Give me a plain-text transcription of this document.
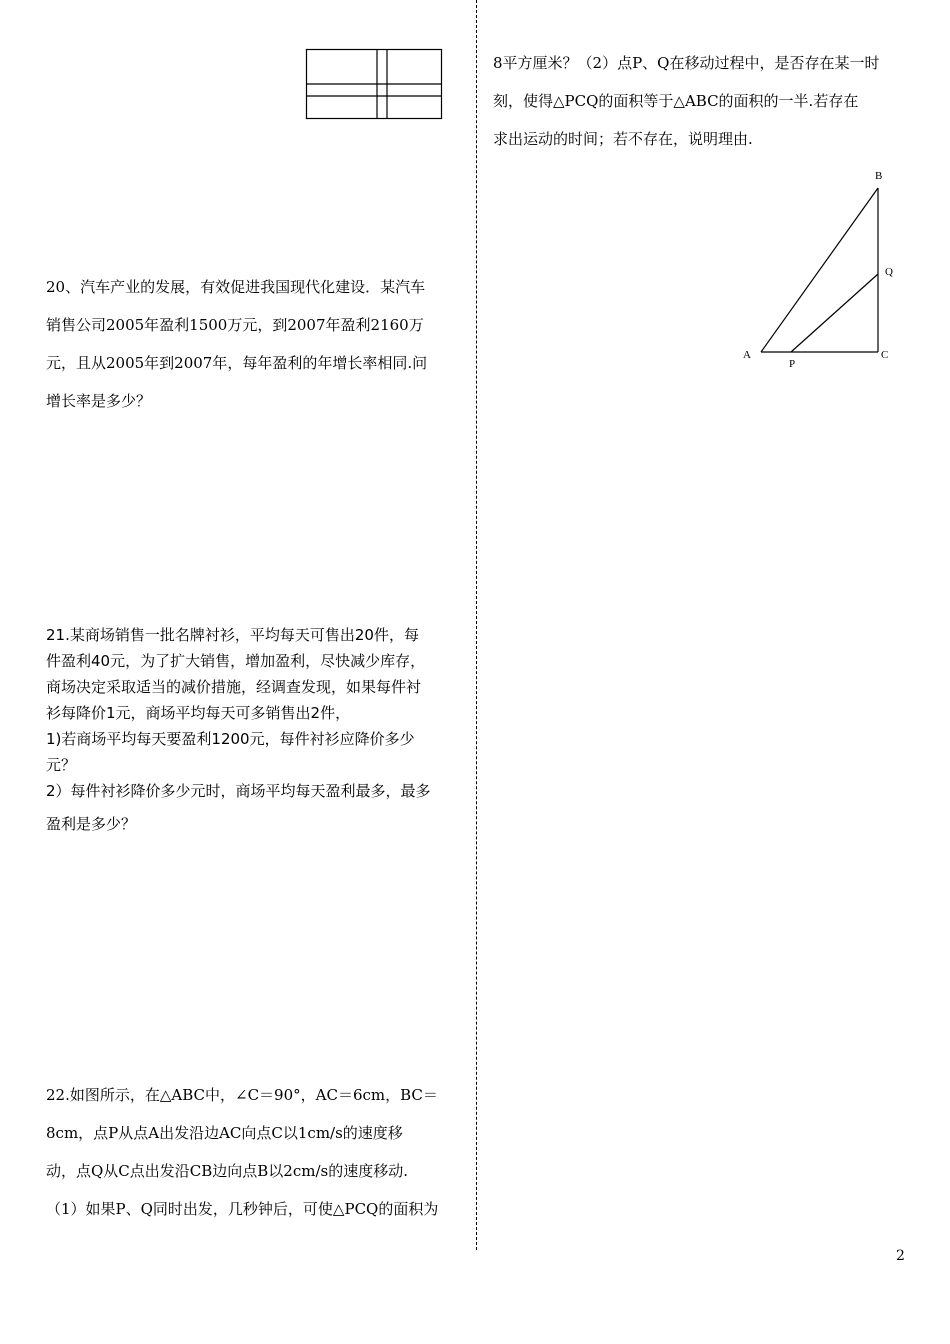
20、汽车产业的发展，有效促进我国现代化建设．某汽车
销售公司2005年盈利1500万元，到2007年盈利2160万
元，且从2005年到2007年，每年盈利的年增长率相同.问
增长率是多少？
21.某商场销售一批名牌衬衫，平均每天可售出20件，每
件盈利40元，为了扩大销售，增加盈利，尽快减少库存，
商场决定采取适当的减价措施，经调查发现，如果每件衬
衫每降价1元，商场平均每天可多销售出2件，
1)若商场平均每天要盈利1200元，每件衬衫应降价多少
元？
2）每件衬衫降价多少元时，商场平均每天盈利最多，最多
盈利是多少？
22.如图所示，在△ABC中，∠C＝90°，AC＝6cm，BC＝
8cm，点P从点A出发沿边AC向点C以1cm/s的速度移
动，点Q从C点出发沿CB边向点B以2cm/s的速度移动.
（1）如果P、Q同时出发，几秒钟后，可使△PCQ的面积为
8平方厘米？（2）点P、Q在移动过程中，是否存在某一时
刻，使得△PCQ的面积等于△ABC的面积的一半.若存在
求出运动的时间；若不存在，说明理由.
B
Q
A	C
P
2
